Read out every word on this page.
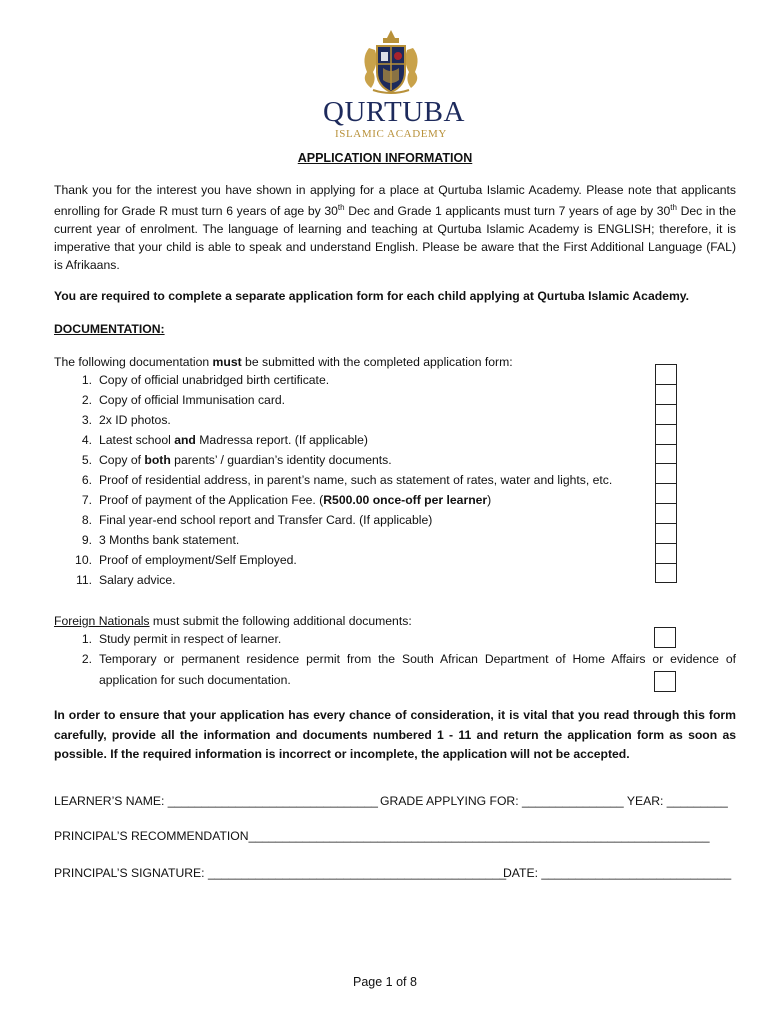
QURTUBA
ISLAMIC ACADEMY
APPLICATION INFORMATION
Thank you for the interest you have shown in applying for a place at Qurtuba Islamic Academy. Please note that applicants enrolling for Grade R must turn 6 years of age by 30th Dec and Grade 1 applicants must turn 7 years of age by 30th Dec in the current year of enrolment. The language of learning and teaching at Qurtuba Islamic Academy is ENGLISH; therefore, it is imperative that your child is able to speak and understand English. Please be aware that the First Additional Language (FAL) is Afrikaans.
You are required to complete a separate application form for each child applying at Qurtuba Islamic Academy.
DOCUMENTATION:
The following documentation must be submitted with the completed application form:
1. Copy of official unabridged birth certificate.
2. Copy of official Immunisation card.
3. 2x ID photos.
4. Latest school and Madressa report. (If applicable)
5. Copy of both parents’ / guardian’s identity documents.
6. Proof of residential address, in parent’s name, such as statement of rates, water and lights, etc.
7. Proof of payment of the Application Fee. (R500.00 once-off per learner)
8. Final year-end school report and Transfer Card. (If applicable)
9. 3 Months bank statement.
10. Proof of employment/Self Employed.
11. Salary advice.
Foreign Nationals must submit the following additional documents:
1. Study permit in respect of learner.
2. Temporary or permanent residence permit from the South African Department of Home Affairs or evidence of
application for such documentation.
In order to ensure that your application has every chance of consideration, it is vital that you read through this form carefully, provide all the information and documents numbered 1 - 11 and return the application form as soon as possible. If the required information is incorrect or incomplete, the application will not be accepted.
LEARNER’S NAME: _______________________________ GRADE APPLYING FOR: _______________ YEAR: _________
PRINCIPAL’S RECOMMENDATION____________________________________________________________________
PRINCIPAL’S SIGNATURE: ____________________________________________
DATE: ____________________________
Page 1 of 8
